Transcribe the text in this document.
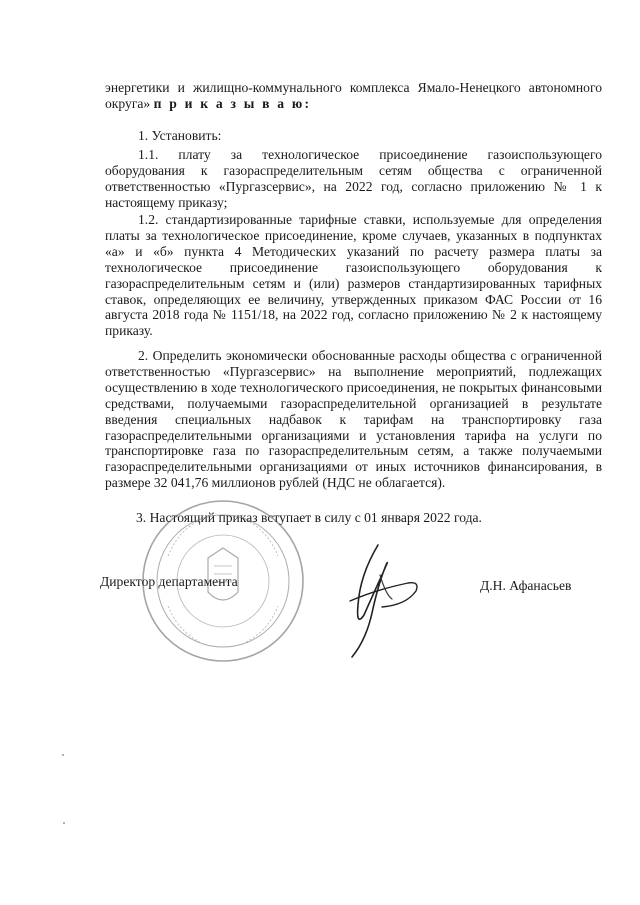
энергетики и жилищно-коммунального комплекса Ямало-Ненецкого автономного округа» п р и к а з ы в а ю:

1. Установить:

1.1. плату за технологическое присоединение газоиспользующего оборудования к газораспределительным сетям общества с ограниченной ответственностью «Пургазсервис», на 2022 год, согласно приложению № 1 к настоящему приказу;

1.2. стандартизированные тарифные ставки, используемые для определения платы за технологическое присоединение, кроме случаев, указанных в подпунктах «а» и «б» пункта 4 Методических указаний по расчету размера платы за технологическое присоединение газоиспользующего оборудования к газораспределительным сетям и (или) размеров стандартизированных тарифных ставок, определяющих ее величину, утвержденных приказом ФАС России от 16 августа 2018 года № 1151/18, на 2022 год, согласно приложению № 2 к настоящему приказу.

2. Определить экономически обоснованные расходы общества с ограниченной ответственностью «Пургазсервис» на выполнение мероприятий, подлежащих осуществлению в ходе технологического присоединения, не покрытых финансовыми средствами, получаемыми газораспределительной организацией в результате введения специальных надбавок к тарифам на транспортировку газа газораспределительными организациями и установления тарифа на услуги по транспортировке газа по газораспределительным сетям, а также получаемыми газораспределительными организациями от иных источников финансирования, в размере 32 041,76 миллионов рублей (НДС не облагается).

3. Настоящий приказ вступает в силу с 01 января 2022 года.

Директор департамента	Д.Н. Афанасьев
